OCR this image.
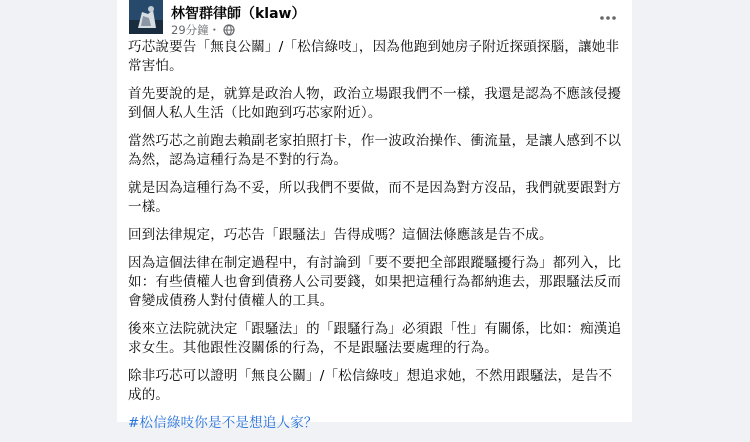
林智群律師（klaw）
29分鐘・

巧芯說要告「無良公關」/「松信綠吱」，因為他跑到她房子附近探頭探腦，讓她非常害怕。

首先要說的是，就算是政治人物，政治立場跟我們不一樣，我還是認為不應該侵擾到個人私人生活（比如跑到巧芯家附近）。

當然巧芯之前跑去賴副老家拍照打卡，作一波政治操作、衝流量，是讓人感到不以為然，認為這種行為是不對的行為。

就是因為這種行為不妥，所以我們不要做，而不是因為對方沒品，我們就要跟對方一樣。

回到法律規定，巧芯告「跟騷法」告得成嗎？這個法條應該是告不成。

因為這個法律在制定過程中，有討論到「要不要把全部跟蹤騷擾行為」都列入，比如：有些債權人也會到債務人公司要錢，如果把這種行為都納進去，那跟騷法反而會變成債務人對付債權人的工具。

後來立法院就決定「跟騷法」的「跟騷行為」必須跟「性」有關係，比如：痴漢追求女生。其他跟性沒關係的行為，不是跟騷法要處理的行為。

除非巧芯可以證明「無良公關」/「松信綠吱」想追求她，不然用跟騷法，是告不成的。

#松信綠吱你是不是想追人家？
